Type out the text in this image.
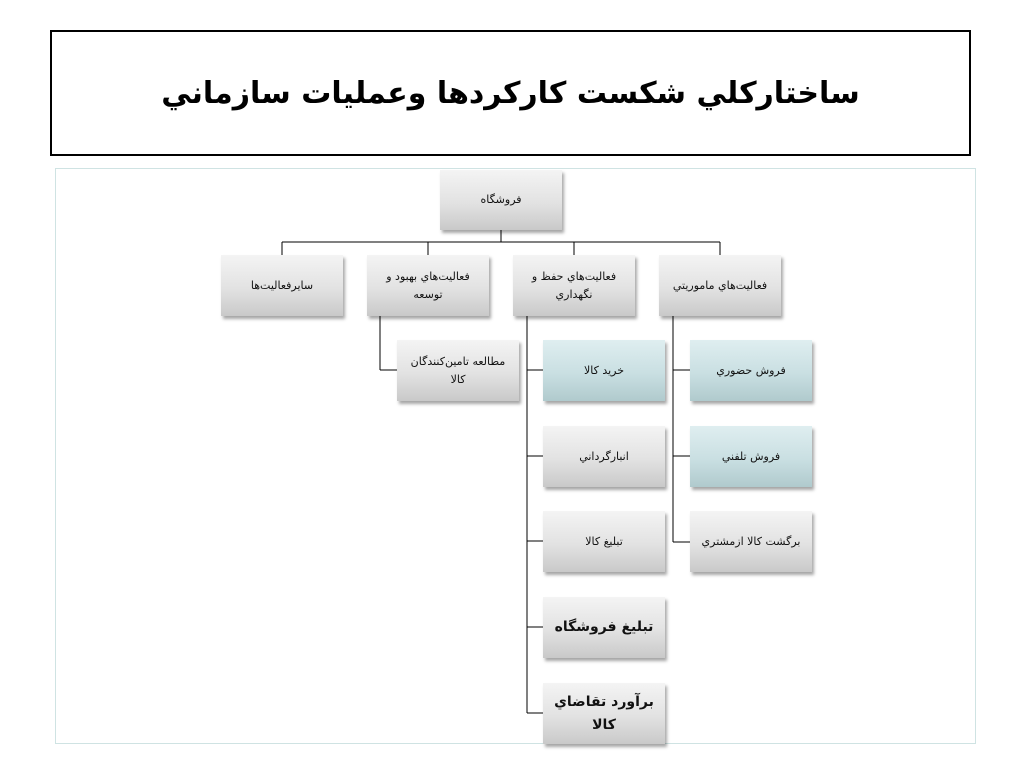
ساختاركلي شكست كاركردها وعمليات سازماني
فروشگاه
فعاليت‌هاي ماموريتي
فعاليت‌هاي حفظ و نگهداري
فعاليت‌هاي بهبود و توسعه
سايرفعاليت‌ها
فروش حضوري
فروش تلفني
برگشت كالا ازمشتري
خريد كالا
انبارگرداني
تبليغ كالا
تبليغ فروشگاه
برآورد تقاضاي كالا
مطالعه تامين‌كنندگان كالا
